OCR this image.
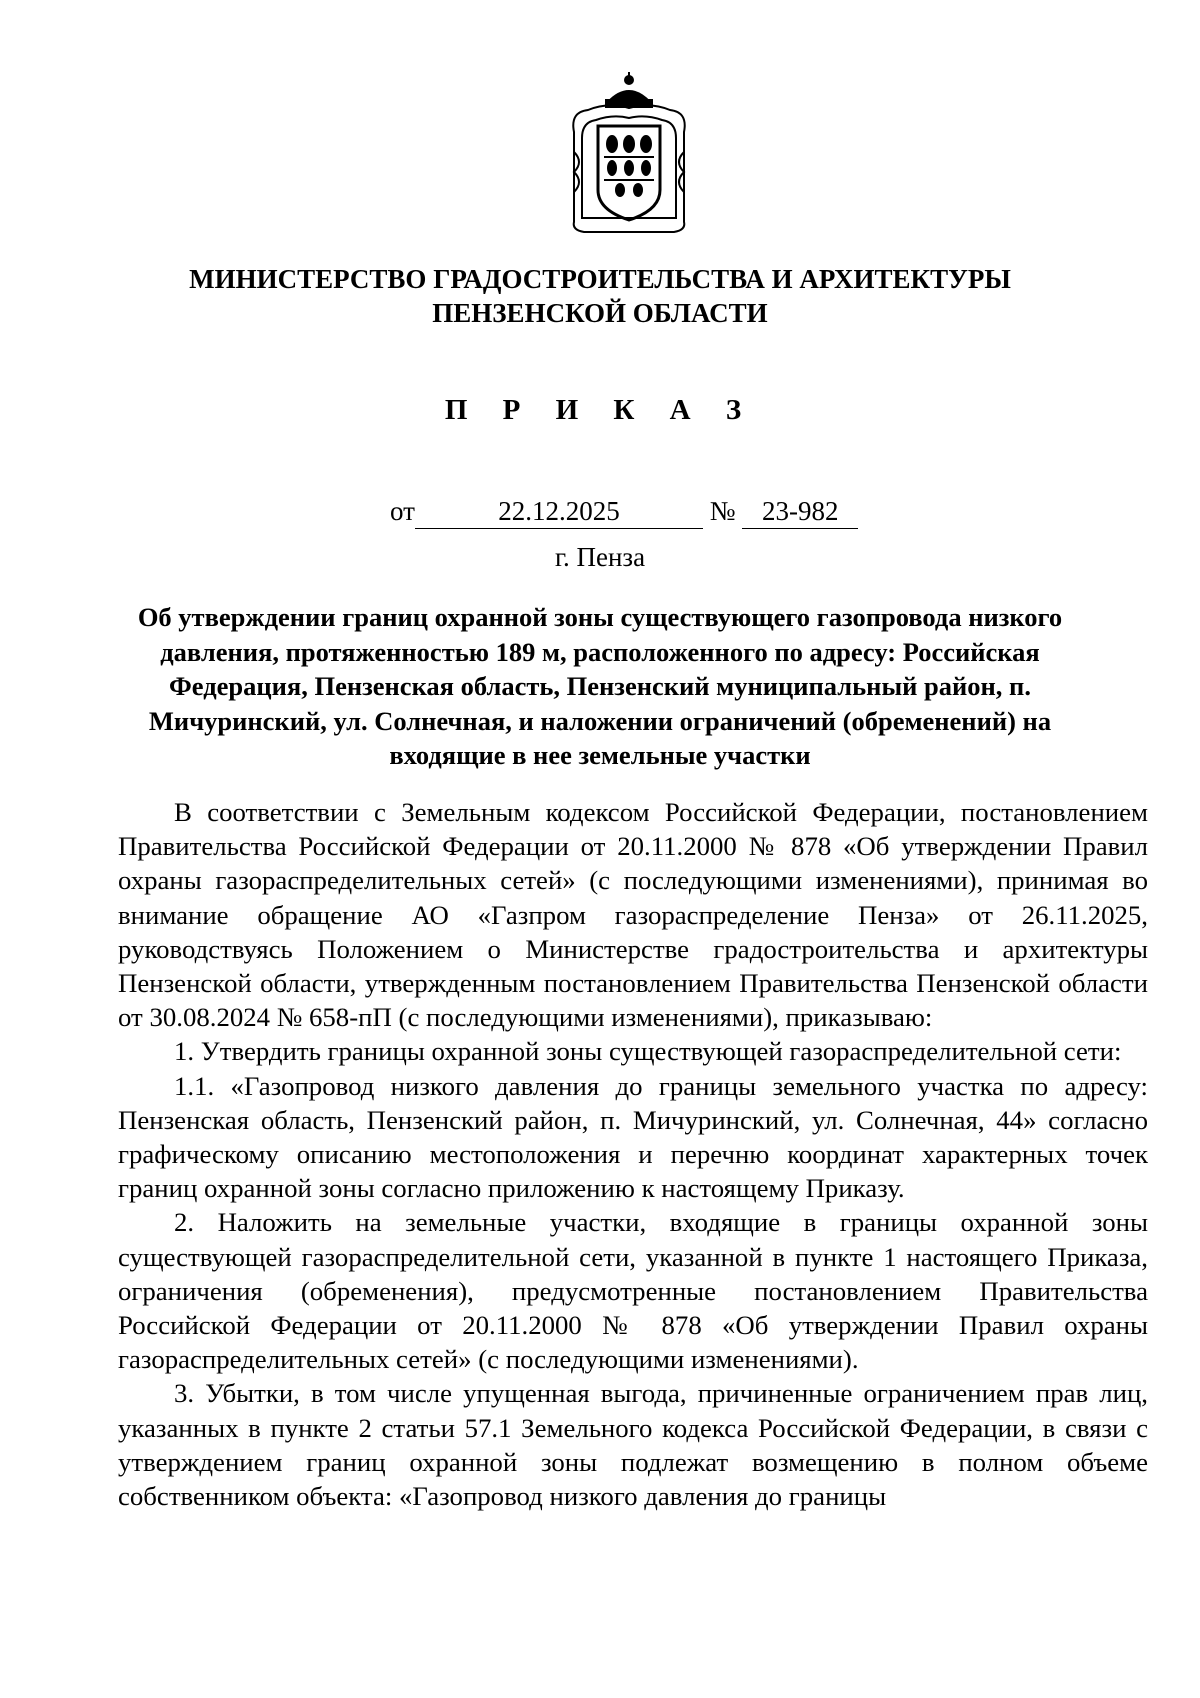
МИНИСТЕРСТВО ГРАДОСТРОИТЕЛЬСТВА И АРХИТЕКТУРЫ
ПЕНЗЕНСКОЙ ОБЛАСТИ
П Р И К А З
от	22.12.2025	№ 23-982
г. Пенза
Об утверждении границ охранной зоны существующего газопровода низкого давления, протяженностью 189 м, расположенного по адресу: Российская Федерация, Пензенская область, Пензенский муниципальный район, п. Мичуринский, ул. Солнечная, и наложении ограничений (обременений) на входящие в нее земельные участки

В соответствии с Земельным кодексом Российской Федерации, постановлением Правительства Российской Федерации от 20.11.2000 № 878 «Об утверждении Правил охраны газораспределительных сетей» (с последующими изменениями), принимая во внимание обращение АО «Газпром газораспределение Пенза» от 26.11.2025, руководствуясь Положением о Министерстве градостроительства и архитектуры Пензенской области, утвержденным постановлением Правительства Пензенской области от 30.08.2024 № 658-пП (с последующими изменениями), приказываю:

1. Утвердить границы охранной зоны существующей газораспределительной сети:

1.1. «Газопровод низкого давления до границы земельного участка по адресу: Пензенская область, Пензенский район, п. Мичуринский, ул. Солнечная, 44» согласно графическому описанию местоположения и перечню координат характерных точек границ охранной зоны согласно приложению к настоящему Приказу.

2. Наложить на земельные участки, входящие в границы охранной зоны существующей газораспределительной сети, указанной в пункте 1 настоящего Приказа, ограничения (обременения), предусмотренные постановлением Правительства Российской Федерации от 20.11.2000 № 878 «Об утверждении Правил охраны газораспределительных сетей» (с последующими изменениями).

3. Убытки, в том числе упущенная выгода, причиненные ограничением прав лиц, указанных в пункте 2 статьи 57.1 Земельного кодекса Российской Федерации, в связи с утверждением границ охранной зоны подлежат возмещению в полном объеме собственником объекта: «Газопровод низкого давления до границы
